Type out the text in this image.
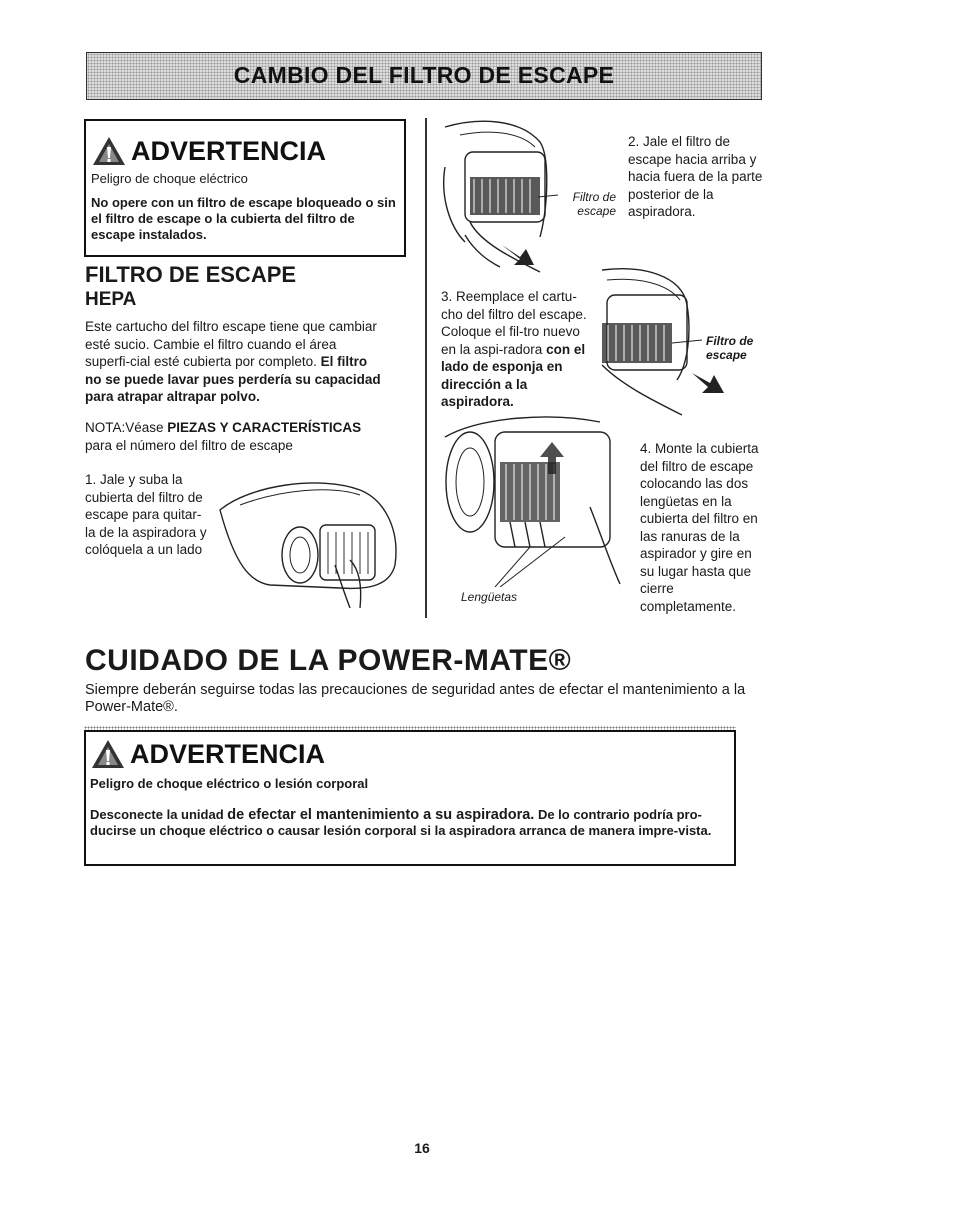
CAMBIO DEL FILTRO DE ESCAPE
ADVERTENCIA
Peligro de choque eléctrico
No opere con un filtro de escape bloqueado o sin el filtro de escape o la cubierta del filtro de escape instalados.
FILTRO DE ESCAPE
HEPA
Este cartucho del filtro escape tiene que cambiar esté sucio. Cambie el filtro cuando el área superfi-cial esté cubierta por completo. El filtro no se puede lavar pues perdería su capacidad para atrapar altrapar polvo.
NOTA:Véase PIEZAS Y CARACTERÍSTICAS para el número del filtro de escape
1. Jale y suba la cubierta del filtro de escape para quitar-la de la aspiradora y colóquela a un lado
Filtro de escape
2. Jale el filtro de escape hacia arriba y hacia fuera de la parte posterior de la aspiradora.
3. Reemplace el cartu-cho del filtro del escape. Coloque el fil-tro nuevo en la aspi-radora con el lado de esponja en dirección a la aspiradora.
Filtro de escape
Lengüetas
4. Monte la cubierta del filtro de escape colocando las dos lengüetas en la cubierta del filtro en las ranuras de la aspirador y gire en su lugar hasta que cierre completamente.
CUIDADO DE LA POWER-MATE®
Siempre deberán seguirse todas las precauciones de seguridad antes de efectar el mantenimiento a la Power-Mate®.
ADVERTENCIA
Peligro de choque eléctrico o lesión corporal
Desconecte la unidad de efectar el mantenimiento a su aspiradora. De lo contrario podría pro-ducirse un choque eléctrico o causar lesión corporal si la aspiradora arranca de manera impre-vista.
16
